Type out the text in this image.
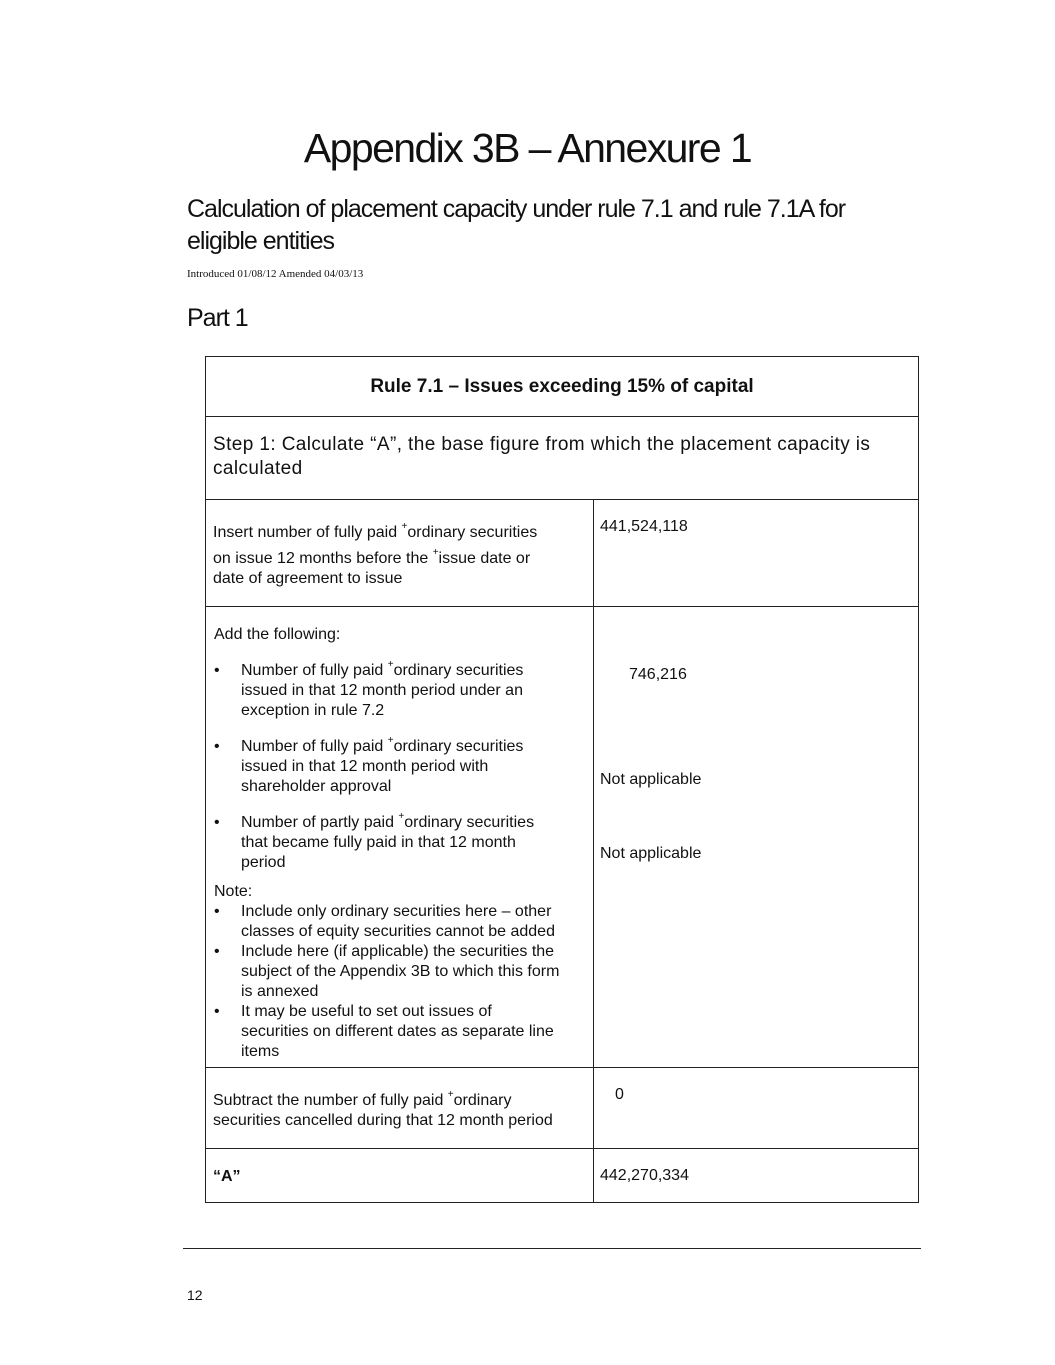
Appendix 3B – Annexure 1
Calculation of placement capacity under rule 7.1 and rule 7.1A for eligible entities
Introduced 01/08/12 Amended 04/03/13
Part 1
Rule 7.1 – Issues exceeding 15% of capital
Step 1: Calculate “A”, the base figure from which the placement capacity is calculated
Insert number of fully paid +ordinary securities
on issue 12 months before the +issue date or
date of agreement to issue
441,524,118
Add the following:
• Number of fully paid +ordinary securities
issued in that 12 month period under an
exception in rule 7.2
746,216
• Number of fully paid +ordinary securities
issued in that 12 month period with
shareholder approval	Not applicable
• Number of partly paid +ordinary securities
that became fully paid in that 12 month
period
Not applicable
Note:
• Include only ordinary securities here – other
classes of equity securities cannot be added
• Include here (if applicable) the securities the
subject of the Appendix 3B to which this form
is annexed
• It may be useful to set out issues of
securities on different dates as separate line
items
Subtract the number of fully paid +ordinary
securities cancelled during that 12 month period
0
“A”	442,270,334
12
